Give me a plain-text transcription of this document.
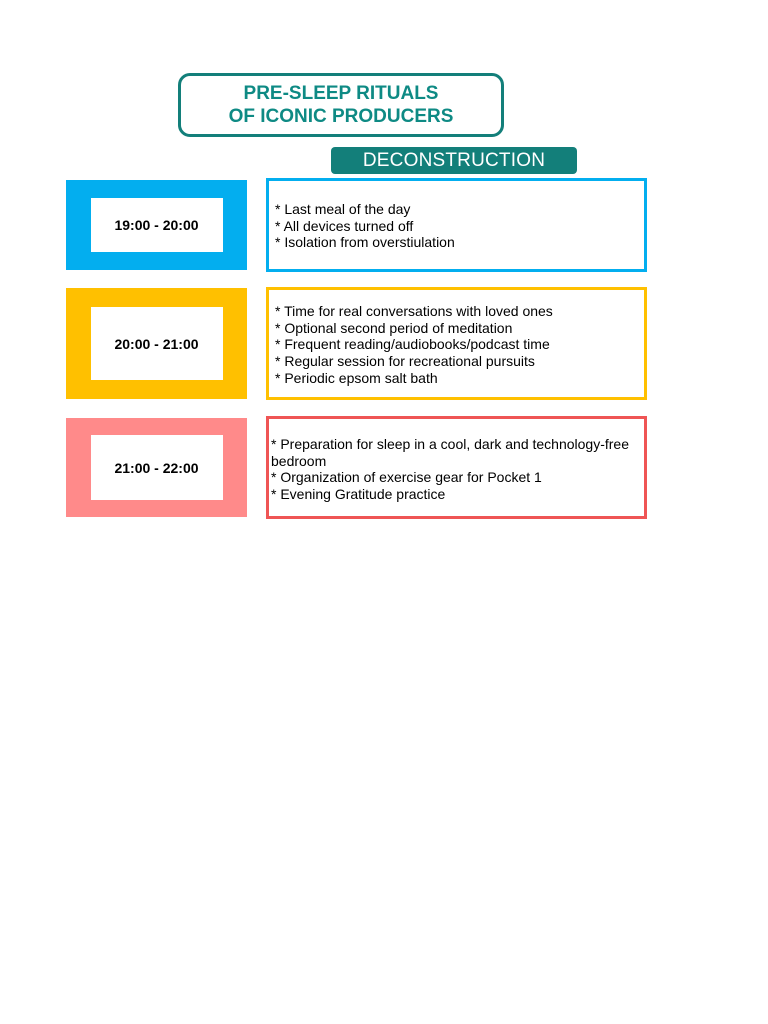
PRE-SLEEP RITUALS
OF ICONIC PRODUCERS
DECONSTRUCTION
19:00 - 20:00
* Last meal of the day
* All devices turned off
* Isolation from overstiulation
20:00 - 21:00
* Time for real conversations with loved ones
* Optional second period of meditation
* Frequent reading/audiobooks/podcast time
* Regular session for recreational pursuits
* Periodic epsom salt bath
21:00 - 22:00
* Preparation for sleep in a cool, dark and technology-free bedroom
* Organization of exercise gear for Pocket 1
* Evening Gratitude practice
